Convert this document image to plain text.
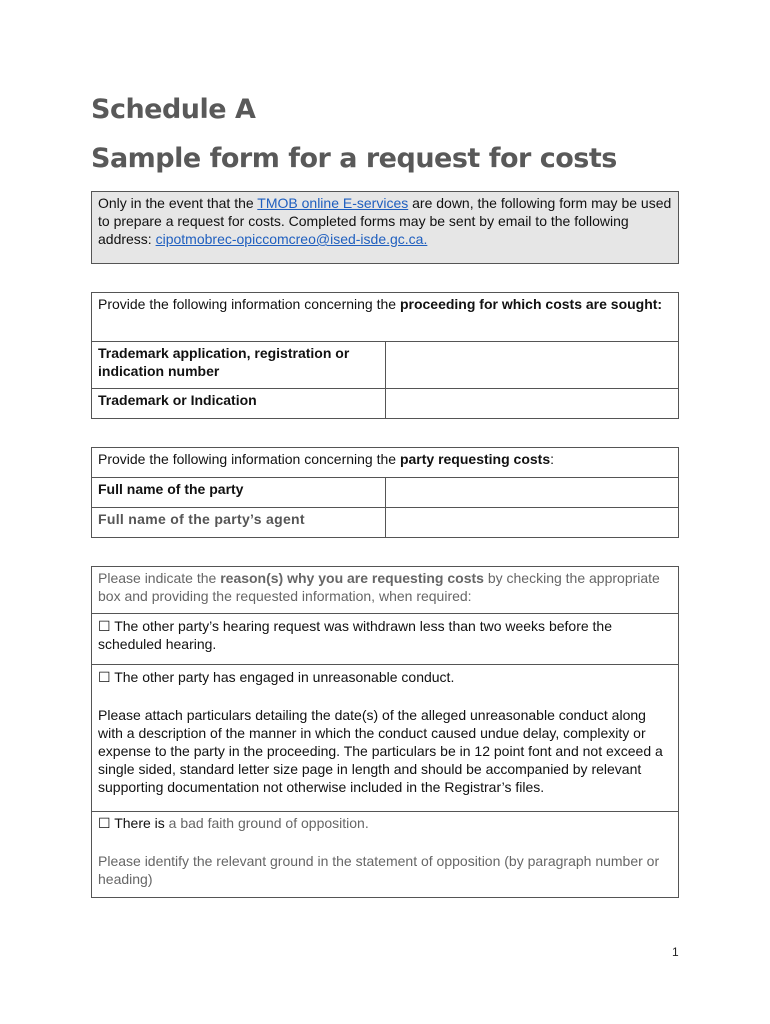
Schedule A
Sample form for a request for costs
Only in the event that the TMOB online E-services are down, the following form may be used to prepare a request for costs. Completed forms may be sent by email to the following address: cipotmobrec-opiccomcreo@ised-isde.gc.ca.
Provide the following information concerning the proceeding for which costs are sought:	
Trademark application, registration or indication number	
Trademark or Indication	
Provide the following information concerning the party requesting costs:	
Full name of the party	
Full name of the party’s agent	
Please indicate the reason(s) why you are requesting costs by checking the appropriate box and providing the requested information, when required:
☐ The other party’s hearing request was withdrawn less than two weeks before the scheduled hearing.

☐ The other party has engaged in unreasonable conduct.

Please attach particulars detailing the date(s) of the alleged unreasonable conduct along with a description of the manner in which the conduct caused undue delay, complexity or expense to the party in the proceeding. The particulars be in 12 point font and not exceed a single sided, standard letter size page in length and should be accompanied by relevant supporting documentation not otherwise included in the Registrar’s files.

☐ There is a bad faith ground of opposition.

Please identify the relevant ground in the statement of opposition (by paragraph number or heading)

1
